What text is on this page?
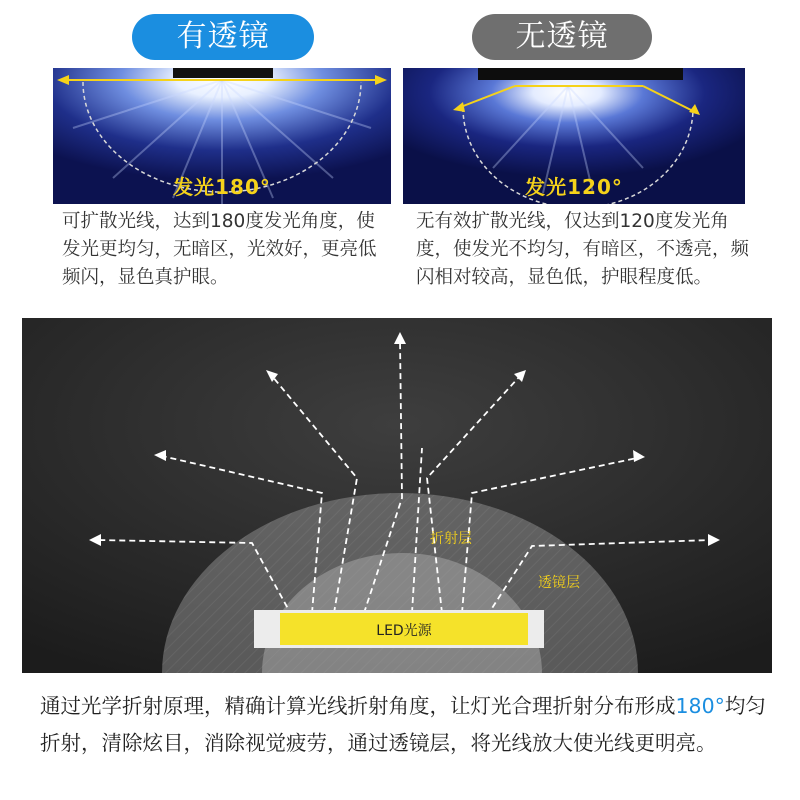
有透镜	无透镜
发光180°	发光120°
可扩散光线，达到180度发光角度，使发光更均匀，无暗区，光效好，更亮低频闪，显色真护眼。
无有效扩散光线，仅达到120度发光角度，使发光不均匀，有暗区，不透亮，频闪相对较高，显色低，护眼程度低。
折射层
透镜层
LED光源
通过光学折射原理，精确计算光线折射角度，让灯光合理折射分布形成180°均匀折射，清除炫目，消除视觉疲劳，通过透镜层，将光线放大使光线更明亮。
